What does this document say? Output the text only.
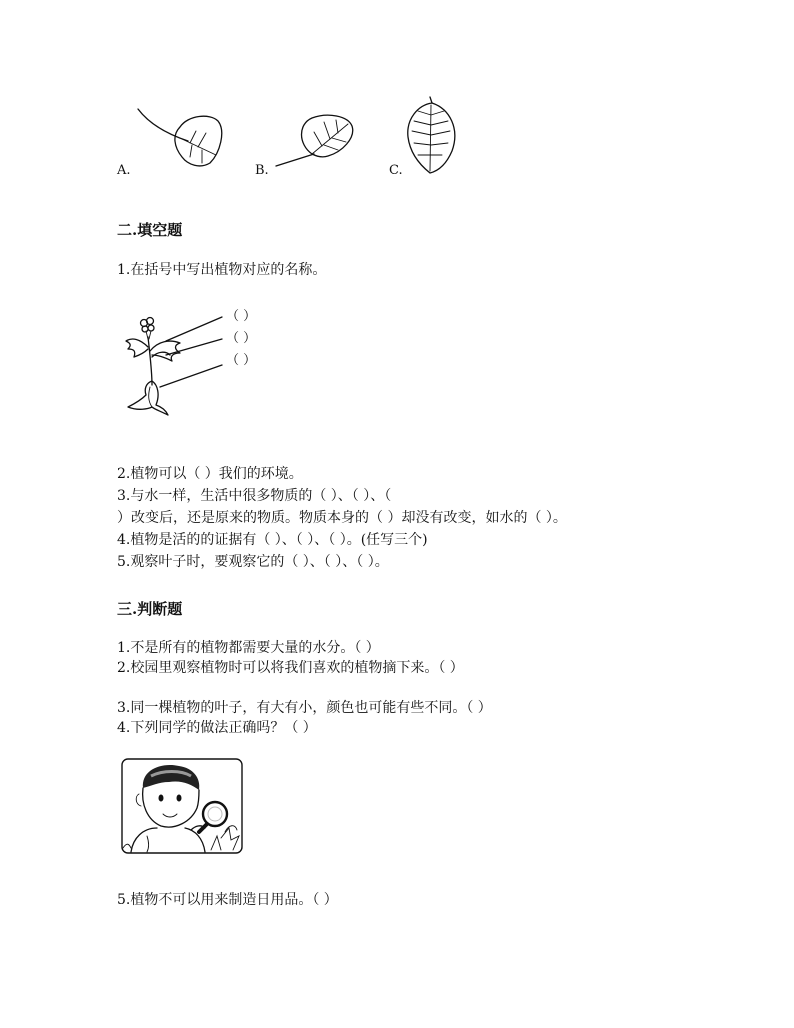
A.	B.	C.
二.填空题
1.在括号中写出植物对应的名称。
（ ）
（ ）
（ ）
2.植物可以（ ）我们的环境。
3.与水一样，生活中很多物质的（ ）、（ ）、（
）改变后，还是原来的物质。物质本身的（ ）却没有改变，如水的（ ）。
4.植物是活的的证据有（ ）、（ ）、（ ）。(任写三个)
5.观察叶子时，要观察它的（ ）、（ ）、（ ）。
三.判断题
1.不是所有的植物都需要大量的水分。（ ）
2.校园里观察植物时可以将我们喜欢的植物摘下来。（ ）
3.同一棵植物的叶子，有大有小，颜色也可能有些不同。（ ）
4.下列同学的做法正确吗？（ ）
5.植物不可以用来制造日用品。（ ）
